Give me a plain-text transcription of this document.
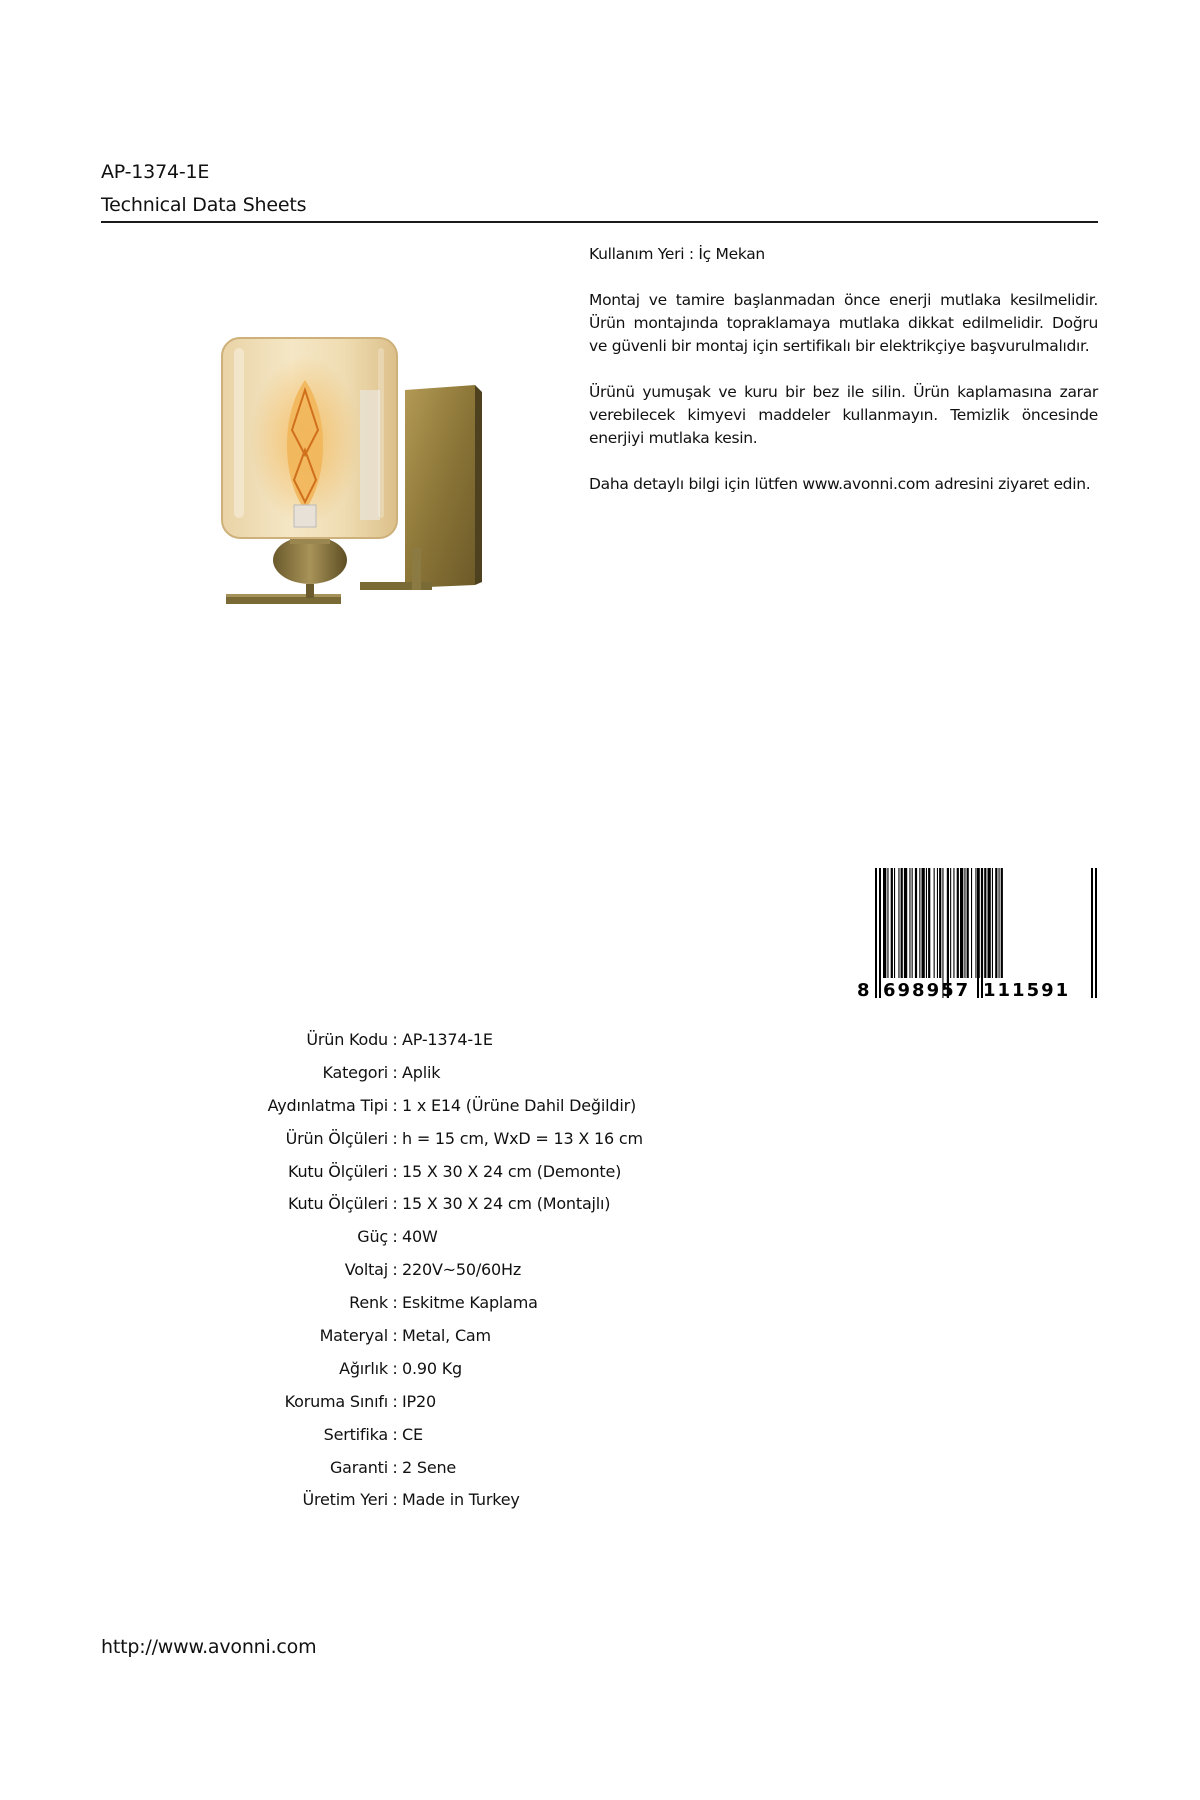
AP-1374-1E
Technical Data Sheets

Kullanım Yeri : İç Mekan

Montaj ve tamire başlanmadan önce enerji mutlaka kesilmelidir. Ürün montajında topraklamaya mutlaka dikkat edilmelidir. Doğru ve güvenli bir montaj için sertifikalı bir elektrikçiye başvurulmalıdır.

Ürünü yumuşak ve kuru bir bez ile silin. Ürün kaplamasına zarar verebilecek kimyevi maddeler kullanmayın. Temizlik öncesinde enerjiyi mutlaka kesin.

Daha detaylı bilgi için lütfen www.avonni.com adresini ziyaret edin.

8 698957 111591
Ürün Kodu : AP-1374-1E
Kategori : Aplik
Aydınlatma Tipi : 1 x E14 (Ürüne Dahil Değildir)
Ürün Ölçüleri : h = 15 cm, WxD = 13 X 16 cm
Kutu Ölçüleri : 15 X 30 X 24 cm (Demonte)
Kutu Ölçüleri : 15 X 30 X 24 cm (Montajlı)
Güç : 40W
Voltaj : 220V~50/60Hz
Renk : Eskitme Kaplama
Materyal : Metal, Cam
Ağırlık : 0.90 Kg
Koruma Sınıfı : IP20
Sertifika : CE
Garanti : 2 Sene
Üretim Yeri : Made in Turkey
http://www.avonni.com
